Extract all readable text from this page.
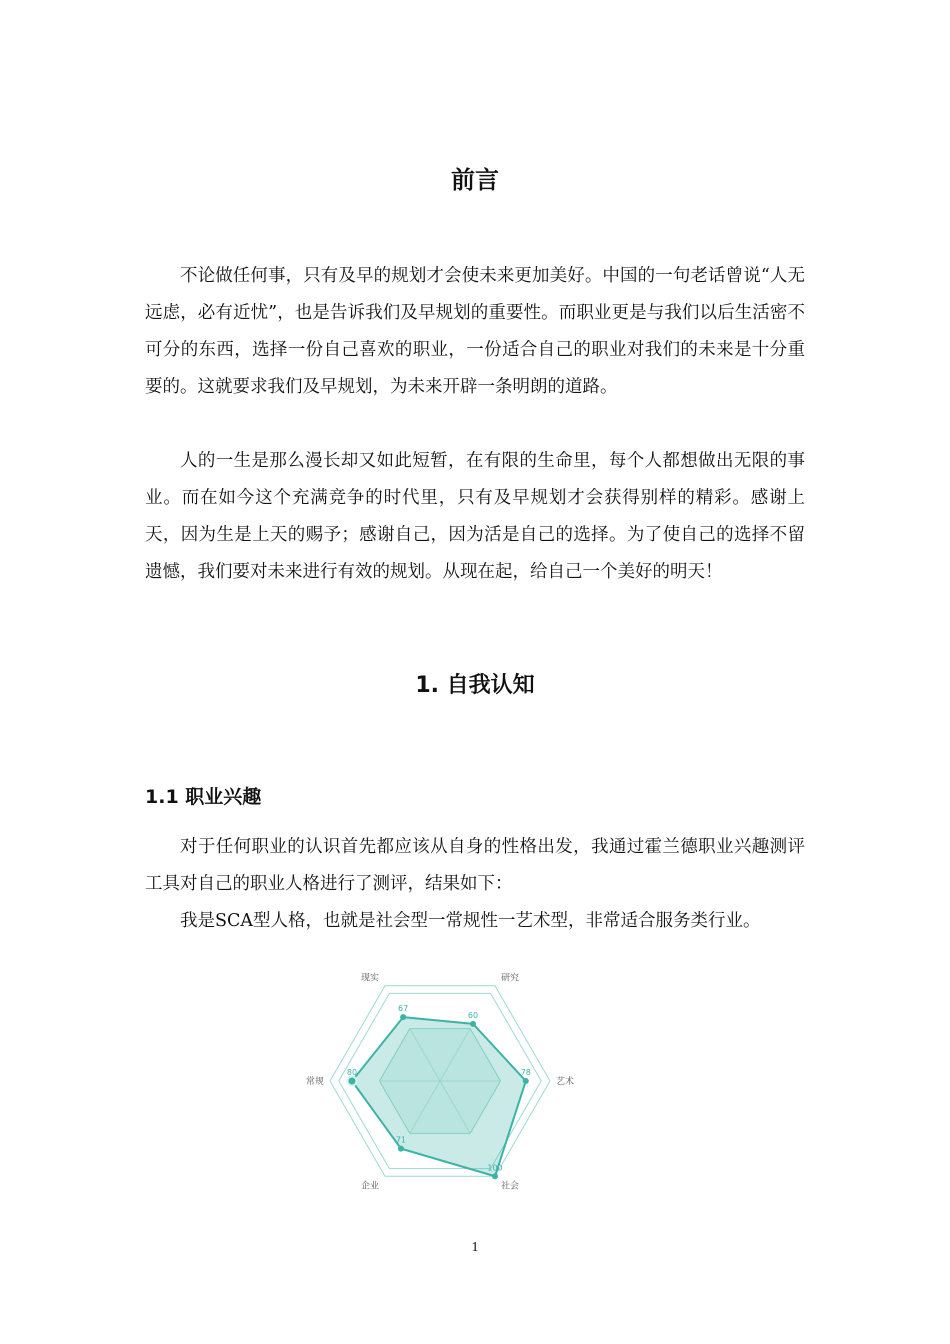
前言

不论做任何事，只有及早的规划才会使未来更加美好。中国的一句老话曾说“人无远虑，必有近忧”，也是告诉我们及早规划的重要性。而职业更是与我们以后生活密不可分的东西，选择一份自己喜欢的职业，一份适合自己的职业对我们的未来是十分重要的。这就要求我们及早规划，为未来开辟一条明朗的道路。

人的一生是那么漫长却又如此短暂，在有限的生命里，每个人都想做出无限的事业。而在如今这个充满竞争的时代里，只有及早规划才会获得别样的精彩。感谢上天，因为生是上天的赐予；感谢自己，因为活是自己的选择。为了使自己的选择不留遗憾，我们要对未来进行有效的规划。从现在起，给自己一个美好的明天！

1. 自我认知
1.1 职业兴趣

对于任何职业的认识首先都应该从自身的性格出发，我通过霍兰德职业兴趣测评工具对自己的职业人格进行了测评，结果如下：

我是SCA型人格，也就是社会型一常规性一艺术型，非常适合服务类行业。

67
60
78
100
71
80
现实	研究
艺术
社会
企业
常规

1
